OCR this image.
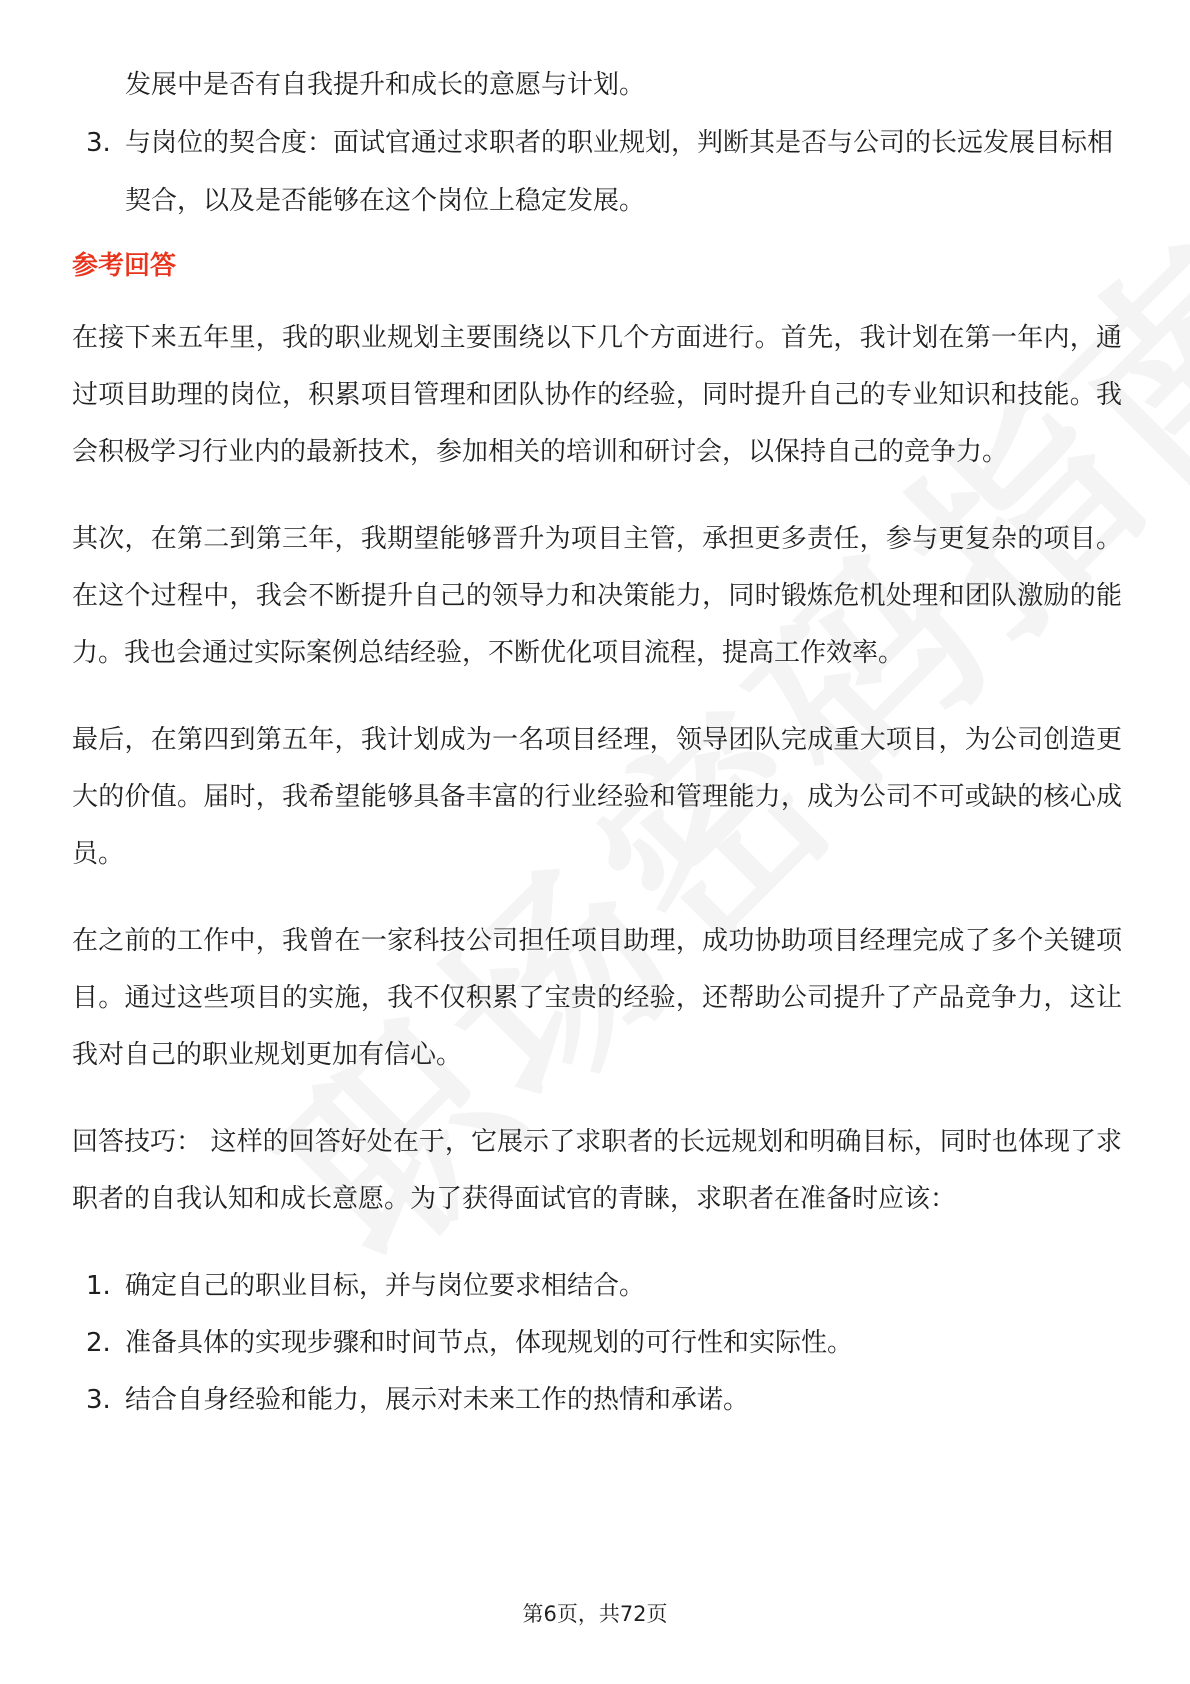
发展中是否有自我提升和成长的意愿与计划。
3. 与岗位的契合度：面试官通过求职者的职业规划，判断其是否与公司的长远发展目标相契合，以及是否能够在这个岗位上稳定发展。
参考回答

在接下来五年里，我的职业规划主要围绕以下几个方面进行。首先，我计划在第一年内，通过项目助理的岗位，积累项目管理和团队协作的经验，同时提升自己的专业知识和技能。我会积极学习行业内的最新技术，参加相关的培训和研讨会，以保持自己的竞争力。

其次，在第二到第三年，我期望能够晋升为项目主管，承担更多责任，参与更复杂的项目。在这个过程中，我会不断提升自己的领导力和决策能力，同时锻炼危机处理和团队激励的能力。我也会通过实际案例总结经验，不断优化项目流程，提高工作效率。

最后，在第四到第五年，我计划成为一名项目经理，领导团队完成重大项目，为公司创造更大的价值。届时，我希望能够具备丰富的行业经验和管理能力，成为公司不可或缺的核心成员。

在之前的工作中，我曾在一家科技公司担任项目助理，成功协助项目经理完成了多个关键项目。通过这些项目的实施，我不仅积累了宝贵的经验，还帮助公司提升了产品竞争力，这让我对自己的职业规划更加有信心。

回答技巧： 这样的回答好处在于，它展示了求职者的长远规划和明确目标，同时也体现了求职者的自我认知和成长意愿。为了获得面试官的青睐，求职者在准备时应该：

1. 确定自己的职业目标，并与岗位要求相结合。
2. 准备具体的实现步骤和时间节点，体现规划的可行性和实际性。
3. 结合自身经验和能力，展示对未来工作的热情和承诺。
第6页，共72页
